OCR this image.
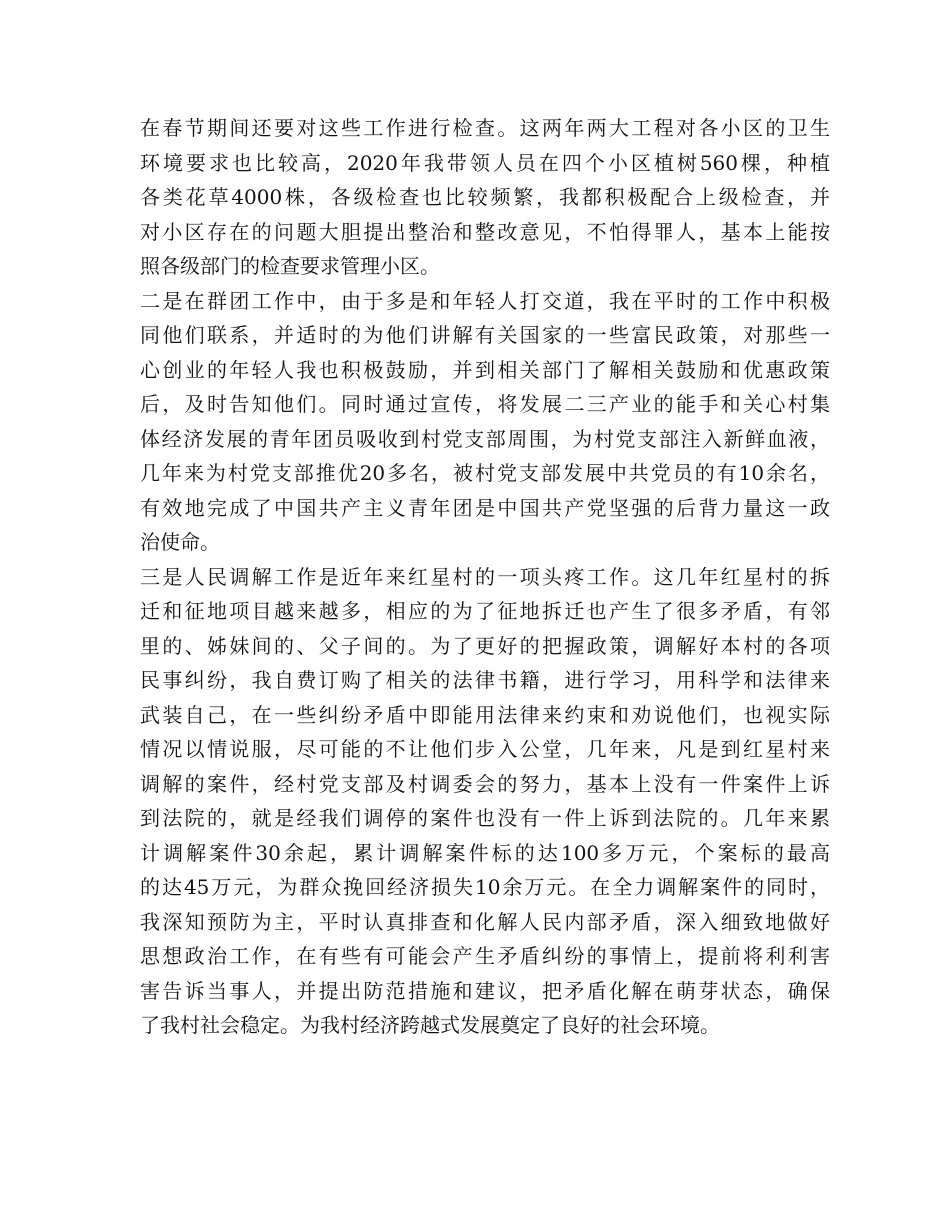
在春节期间还要对这些工作进行检查。这两年两大工程对各小区的卫生
环境要求也比较高，2020年我带领人员在四个小区植树560棵，种植
各类花草4000株，各级检查也比较频繁，我都积极配合上级检查，并
对小区存在的问题大胆提出整治和整改意见，不怕得罪人，基本上能按
照各级部门的检查要求管理小区。
二是在群团工作中，由于多是和年轻人打交道，我在平时的工作中积极
同他们联系，并适时的为他们讲解有关国家的一些富民政策，对那些一
心创业的年轻人我也积极鼓励，并到相关部门了解相关鼓励和优惠政策
后，及时告知他们。同时通过宣传，将发展二三产业的能手和关心村集
体经济发展的青年团员吸收到村党支部周围，为村党支部注入新鲜血液，
几年来为村党支部推优20多名，被村党支部发展中共党员的有10余名，
有效地完成了中国共产主义青年团是中国共产党坚强的后背力量这一政
治使命。
三是人民调解工作是近年来红星村的一项头疼工作。这几年红星村的拆
迁和征地项目越来越多，相应的为了征地拆迁也产生了很多矛盾，有邻
里的、姊妹间的、父子间的。为了更好的把握政策，调解好本村的各项
民事纠纷，我自费订购了相关的法律书籍，进行学习，用科学和法律来
武装自己，在一些纠纷矛盾中即能用法律来约束和劝说他们，也视实际
情况以情说服，尽可能的不让他们步入公堂，几年来，凡是到红星村来
调解的案件，经村党支部及村调委会的努力，基本上没有一件案件上诉
到法院的，就是经我们调停的案件也没有一件上诉到法院的。几年来累
计调解案件30余起，累计调解案件标的达100多万元，个案标的最高
的达45万元，为群众挽回经济损失10余万元。在全力调解案件的同时，
我深知预防为主，平时认真排查和化解人民内部矛盾，深入细致地做好
思想政治工作，在有些有可能会产生矛盾纠纷的事情上，提前将利利害
害告诉当事人，并提出防范措施和建议，把矛盾化解在萌芽状态，确保
了我村社会稳定。为我村经济跨越式发展奠定了良好的社会环境。
